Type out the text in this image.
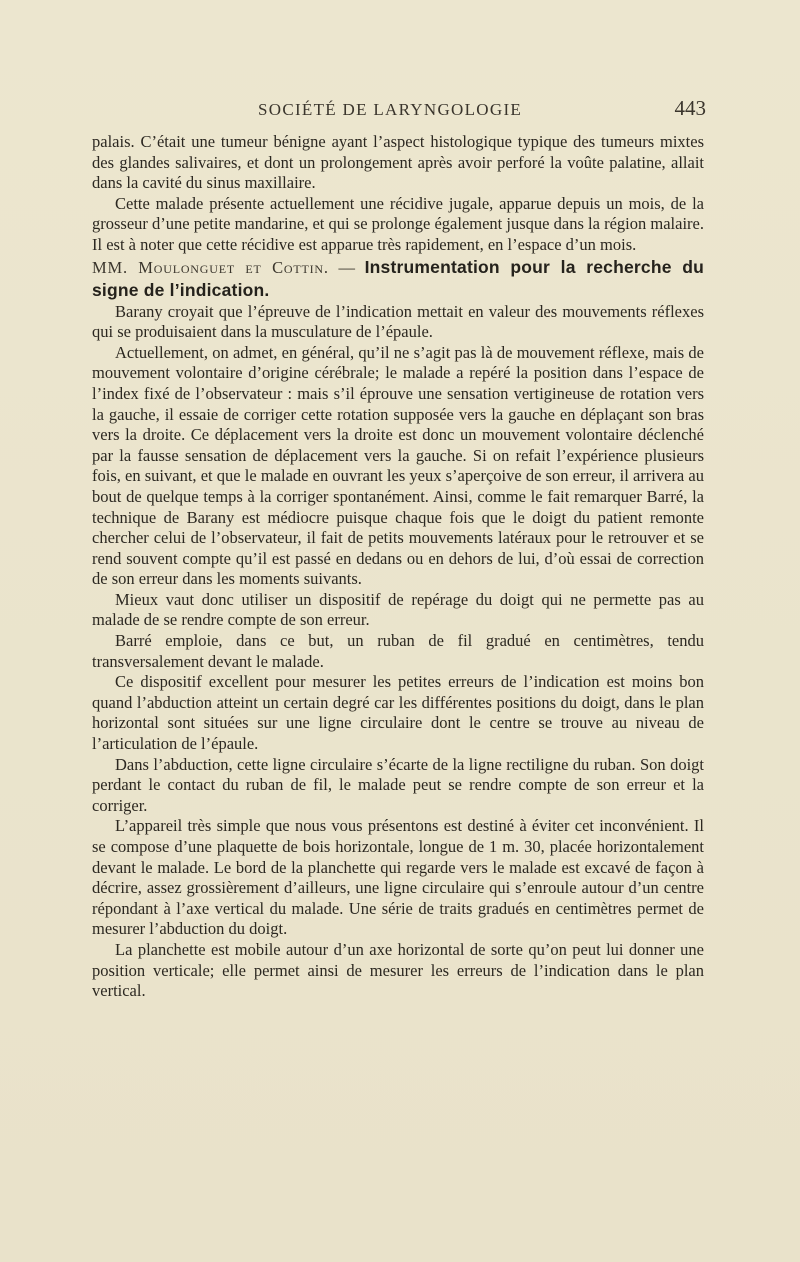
SOCIÉTÉ DE LARYNGOLOGIE	443

palais. C’était une tumeur bénigne ayant l’aspect histologique typique des tumeurs mixtes des glandes salivaires, et dont un prolongement après avoir perforé la voûte palatine, allait dans la cavité du sinus maxillaire.

Cette malade présente actuellement une récidive jugale, apparue depuis un mois, de la grosseur d’une petite mandarine, et qui se prolonge également jusque dans la région malaire. Il est à noter que cette récidive est apparue très rapidement, en l’espace d’un mois.

MM. Moulonguet et Cottin. — Instrumentation pour la recherche du signe de l’indication.

Barany croyait que l’épreuve de l’indication mettait en valeur des mouvements réflexes qui se produisaient dans la musculature de l’épaule.

Actuellement, on admet, en général, qu’il ne s’agit pas là de mouvement réflexe, mais de mouvement volontaire d’origine cérébrale; le malade a repéré la position dans l’espace de l’index fixé de l’observateur : mais s’il éprouve une sensation vertigineuse de rotation vers la gauche, il essaie de corriger cette rotation supposée vers la gauche en déplaçant son bras vers la droite. Ce déplacement vers la droite est donc un mouvement volontaire déclenché par la fausse sensation de déplacement vers la gauche. Si on refait l’expérience plusieurs fois, en suivant, et que le malade en ouvrant les yeux s’aperçoive de son erreur, il arrivera au bout de quelque temps à la corriger spontanément. Ainsi, comme le fait remarquer Barré, la technique de Barany est médiocre puisque chaque fois que le doigt du patient remonte chercher celui de l’observateur, il fait de petits mouvements latéraux pour le retrouver et se rend souvent compte qu’il est passé en dedans ou en dehors de lui, d’où essai de correction de son erreur dans les moments suivants.

Mieux vaut donc utiliser un dispositif de repérage du doigt qui ne permette pas au malade de se rendre compte de son erreur.

Barré emploie, dans ce but, un ruban de fil gradué en centimètres, tendu transversalement devant le malade.

Ce dispositif excellent pour mesurer les petites erreurs de l’indication est moins bon quand l’abduction atteint un certain degré car les différentes positions du doigt, dans le plan horizontal sont situées sur une ligne circulaire dont le centre se trouve au niveau de l’articulation de l’épaule.

Dans l’abduction, cette ligne circulaire s’écarte de la ligne rectiligne du ruban. Son doigt perdant le contact du ruban de fil, le malade peut se rendre compte de son erreur et la corriger.

L’appareil très simple que nous vous présentons est destiné à éviter cet inconvénient. Il se compose d’une plaquette de bois horizontale, longue de 1 m. 30, placée horizontalement devant le malade. Le bord de la planchette qui regarde vers le malade est excavé de façon à décrire, assez grossièrement d’ailleurs, une ligne circulaire qui s’enroule autour d’un centre répondant à l’axe vertical du malade. Une série de traits gradués en centimètres permet de mesurer l’abduction du doigt.

La planchette est mobile autour d’un axe horizontal de sorte qu’on peut lui donner une position verticale; elle permet ainsi de mesurer les erreurs de l’indication dans le plan vertical.
